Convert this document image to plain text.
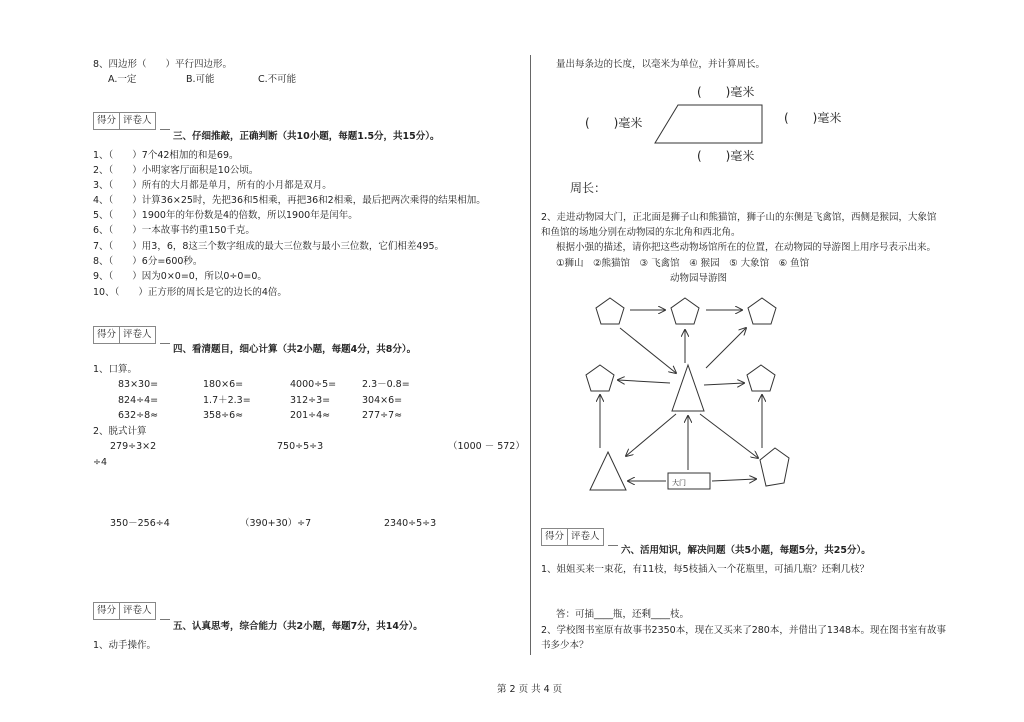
8、四边形（　　）平行四边形。
A.一定	B.可能	C.不可能
得分 评卷人
三、仔细推敲，正确判断（共10小题，每题1.5分，共15分）。
1、（　　）7个42相加的和是69。
2、（　　）小明家客厅面积是10公顷。
3、（　　）所有的大月都是单月，所有的小月都是双月。
4、（　　）计算36×25时，先把36和5相乘，再把36和2相乘，最后把两次乘得的结果相加。
5、（　　）1900年的年份数是4的倍数，所以1900年是闰年。
6、（　　）一本故事书约重150千克。
7、（　　）用3，6，8这三个数字组成的最大三位数与最小三位数，它们相差495。
8、（　　）6分=600秒。
9、（　　）因为0×0=0，所以0÷0=0。
10、（　　）正方形的周长是它的边长的4倍。
得分 评卷人
四、看清题目，细心计算（共2小题，每题4分，共8分）。
1、口算。
83×30=	180×6=	4000÷5=	2.3－0.8=
824÷4=	1.7＋2.3=	312÷3=	304×6=
632÷8≈	358÷6≈	201÷4≈	277÷7≈
2、脱式计算
279÷3×2	750÷5÷3	（1000 － 572）
÷4
350－256÷4	（390+30）÷7	2340÷5÷3
得分 评卷人
五、认真思考，综合能力（共2小题，每题7分，共14分）。
1、动手操作。
量出每条边的长度，以毫米为单位，并计算周长。
(　　)毫米
(　　)毫米	(　　)毫米
(　　)毫米
周长：
2、走进动物园大门，正北面是狮子山和熊猫馆，狮子山的东侧是飞禽馆，西侧是猴园，大象馆
和鱼馆的场地分别在动物园的东北角和西北角。
根据小强的描述，请你把这些动物场馆所在的位置，在动物园的导游图上用序号表示出来。
①狮山　②熊猫馆　③ 飞禽馆　④ 猴园　⑤ 大象馆　⑥ 鱼馆
动物园导游图
大门
得分 评卷人
六、活用知识，解决问题（共5小题，每题5分，共25分）。
1、姐姐买来一束花，有11枝，每5枝插入一个花瓶里，可插几瓶？还剩几枝？
答：可插____瓶，还剩____枝。
2、学校图书室原有故事书2350本，现在又买来了280本，并借出了1348本。现在图书室有故事
书多少本？
第 2 页 共 4 页
